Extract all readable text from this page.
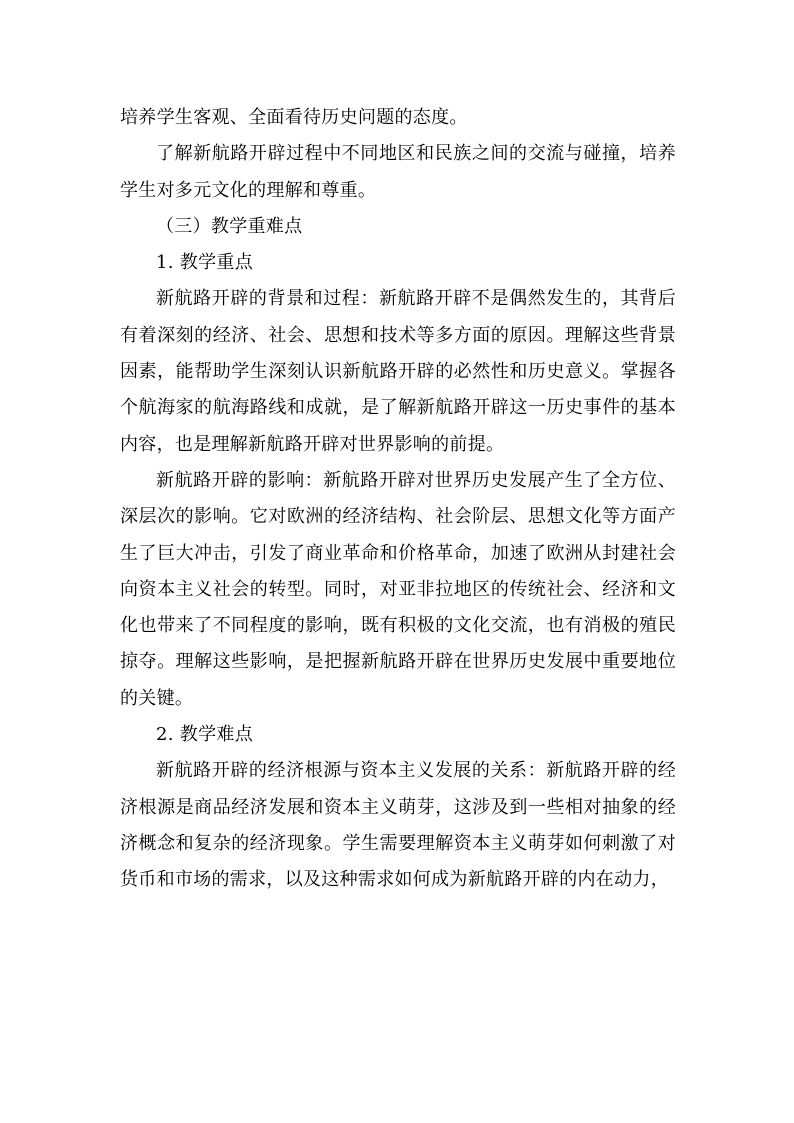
培养学生客观、全面看待历史问题的态度。

了解新航路开辟过程中不同地区和民族之间的交流与碰撞，培养学生对多元文化的理解和尊重。

（三）教学重难点

1. 教学重点

新航路开辟的背景和过程：新航路开辟不是偶然发生的，其背后有着深刻的经济、社会、思想和技术等多方面的原因。理解这些背景因素，能帮助学生深刻认识新航路开辟的必然性和历史意义。掌握各个航海家的航海路线和成就，是了解新航路开辟这一历史事件的基本内容，也是理解新航路开辟对世界影响的前提。

新航路开辟的影响：新航路开辟对世界历史发展产生了全方位、深层次的影响。它对欧洲的经济结构、社会阶层、思想文化等方面产生了巨大冲击，引发了商业革命和价格革命，加速了欧洲从封建社会向资本主义社会的转型。同时，对亚非拉地区的传统社会、经济和文化也带来了不同程度的影响，既有积极的文化交流，也有消极的殖民掠夺。理解这些影响，是把握新航路开辟在世界历史发展中重要地位的关键。

2. 教学难点

新航路开辟的经济根源与资本主义发展的关系：新航路开辟的经济根源是商品经济发展和资本主义萌芽，这涉及到一些相对抽象的经济概念和复杂的经济现象。学生需要理解资本主义萌芽如何刺激了对货币和市场的需求，以及这种需求如何成为新航路开辟的内在动力，
